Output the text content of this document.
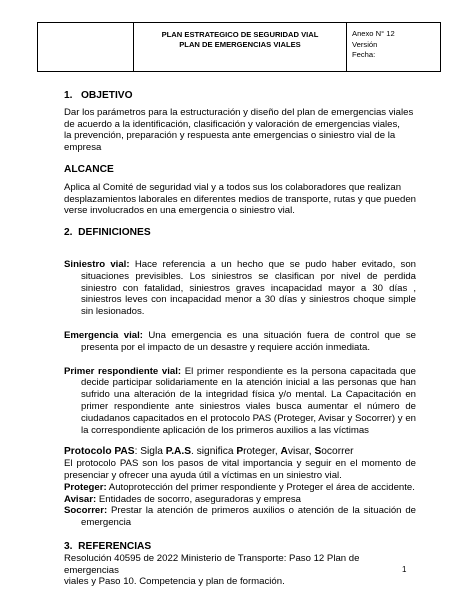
PLAN ESTRATEGICO DE SEGURIDAD VIAL
PLAN DE EMERGENCIAS VIALES
Anexo N° 12
Versión
Fecha:
1. OBJETIVO
Dar los parámetros para la estructuración y diseño del plan de emergencias viales
de acuerdo a la identificación, clasificación y valoración de emergencias viales,
la prevención, preparación y respuesta ante emergencias o siniestro vial de la
empresa
ALCANCE
Aplica al Comité de seguridad vial y a todos sus los colaboradores que realizan
desplazamientos laborales en diferentes medios de transporte, rutas y que pueden
verse involucrados en una emergencia o siniestro vial.
2. DEFINICIONES

Siniestro vial: Hace referencia a un hecho que se pudo haber evitado, son situaciones previsibles. Los siniestros se clasifican por nivel de perdida siniestro con fatalidad, siniestros graves incapacidad mayor a 30 días , siniestros leves con incapacidad menor a 30 días y siniestros choque simple sin lesionados.

Emergencia vial: Una emergencia es una situación fuera de control que se presenta por el impacto de un desastre y requiere acción inmediata.

Primer respondiente vial: El primer respondiente es la persona capacitada que decide participar solidariamente en la atención inicial a las personas que han sufrido una alteración de la integridad física y/o mental. La Capacitación en primer respondiente ante siniestros viales busca aumentar el número de ciudadanos capacitados en el protocolo PAS (Proteger, Avisar y Socorrer) y en la correspondiente aplicación de los primeros auxilios a las víctimas

Protocolo PAS: Sigla P.A.S. significa Proteger, Avisar, Socorrer
El protocolo PAS son los pasos de vital importancia y seguir en el momento de presenciar y ofrecer una ayuda útil a víctimas en un siniestro vial.
Proteger: Autoprotección del primer respondiente y Proteger el área de accidente.
Avisar: Entidades de socorro, aseguradoras y empresa

Socorrer: Prestar la atención de primeros auxilios o atención de la situación de emergencia

3. REFERENCIAS
Resolución 40595 de 2022 Ministerio de Transporte: Paso 12 Plan de emergencias
viales y Paso 10. Competencia y plan de formación.
1
